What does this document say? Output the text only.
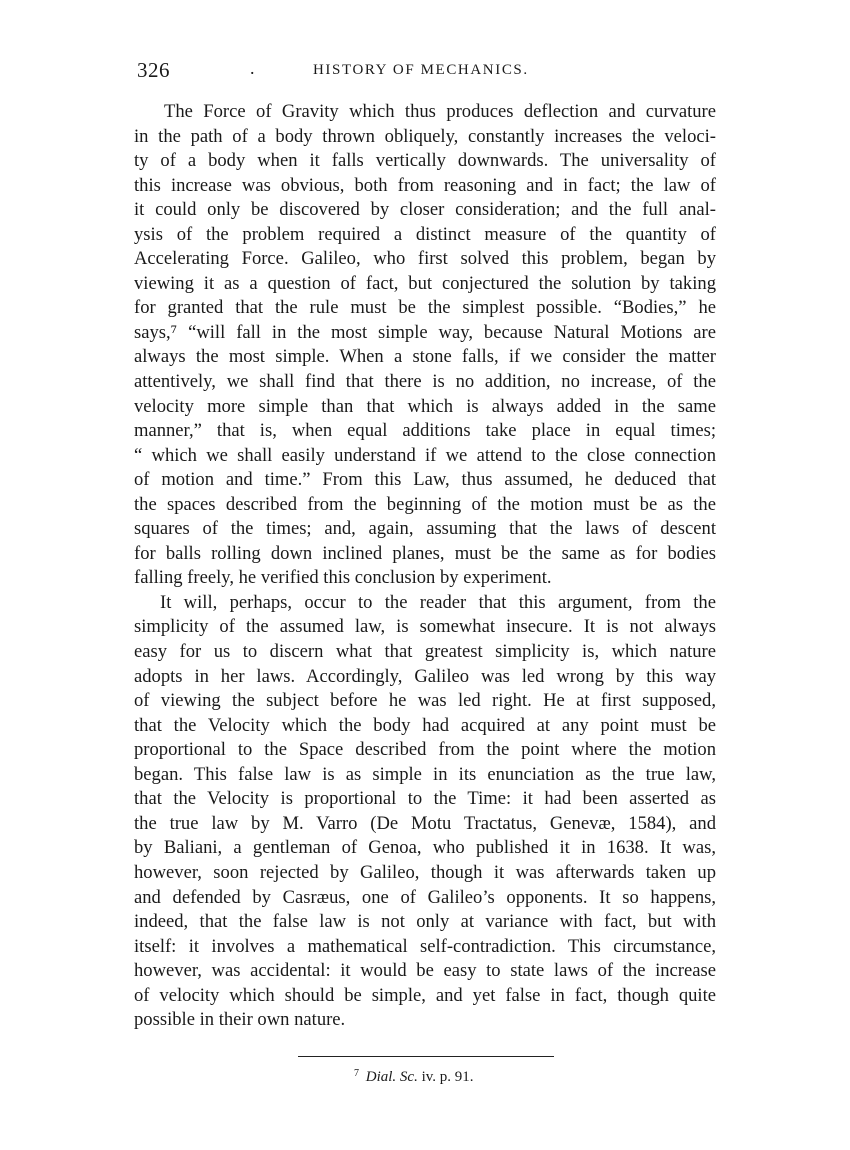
326	.	HISTORY OF MECHANICS.
The Force of Gravity which thus produces deflection and curvature
in the path of a body thrown obliquely, constantly increases the veloci-
ty of a body when it falls vertically downwards. The universality of
this increase was obvious, both from reasoning and in fact; the law of
it could only be discovered by closer consideration; and the full anal-
ysis of the problem required a distinct measure of the quantity of
Accelerating Force. Galileo, who first solved this problem, began by
viewing it as a question of fact, but conjectured the solution by taking
for granted that the rule must be the simplest possible. “Bodies,” he
says,⁷ “will fall in the most simple way, because Natural Motions are
always the most simple. When a stone falls, if we consider the matter
attentively, we shall find that there is no addition, no increase, of the
velocity more simple than that which is always added in the same
manner,” that is, when equal additions take place in equal times;
“ which we shall easily understand if we attend to the close connection
of motion and time.” From this Law, thus assumed, he deduced that
the spaces described from the beginning of the motion must be as the
squares of the times; and, again, assuming that the laws of descent
for balls rolling down inclined planes, must be the same as for bodies
falling freely, he verified this conclusion by experiment.
It will, perhaps, occur to the reader that this argument, from the
simplicity of the assumed law, is somewhat insecure. It is not always
easy for us to discern what that greatest simplicity is, which nature
adopts in her laws. Accordingly, Galileo was led wrong by this way
of viewing the subject before he was led right. He at first supposed,
that the Velocity which the body had acquired at any point must be
proportional to the Space described from the point where the motion
began. This false law is as simple in its enunciation as the true law,
that the Velocity is proportional to the Time: it had been asserted as
the true law by M. Varro (De Motu Tractatus, Genevæ, 1584), and
by Baliani, a gentleman of Genoa, who published it in 1638. It was,
however, soon rejected by Galileo, though it was afterwards taken up
and defended by Casræus, one of Galileo’s opponents. It so happens,
indeed, that the false law is not only at variance with fact, but with
itself: it involves a mathematical self-contradiction. This circumstance,
however, was accidental: it would be easy to state laws of the increase
of velocity which should be simple, and yet false in fact, though quite
possible in their own nature.
$^7$ Dial. Sc. iv. p. 91.
